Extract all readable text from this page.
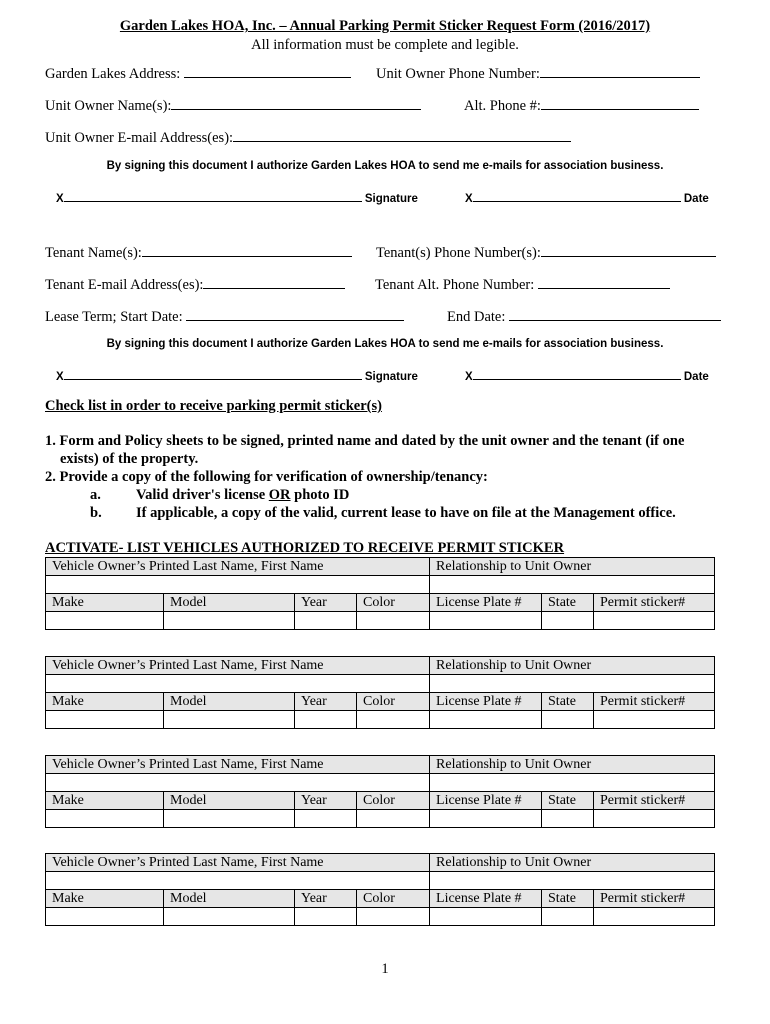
Garden Lakes HOA, Inc. – Annual Parking Permit Sticker Request Form (2016/2017)
All information must be complete and legible.
Garden Lakes Address:	Unit Owner Phone Number:
Unit Owner Name(s):	Alt. Phone #:
Unit Owner E-mail Address(es):
By signing this document I authorize Garden Lakes HOA to send me e-mails for association business.
X	Signature	X	Date
Tenant Name(s):	Tenant(s) Phone Number(s):
Tenant E-mail Address(es):	Tenant Alt. Phone Number:
Lease Term; Start Date:	End Date:
By signing this document I authorize Garden Lakes HOA to send me e-mails for association business.
X	Signature	X	Date
Check list in order to receive parking permit sticker(s)
1. Form and Policy sheets to be signed, printed name and dated by the unit owner and the tenant (if one
exists) of the property.
2. Provide a copy of the following for verification of ownership/tenancy:
a. Valid driver's license OR photo ID
b. If applicable, a copy of the valid, current lease to have on file at the Management office.
ACTIVATE- LIST VEHICLES AUTHORIZED TO RECEIVE PERMIT STICKER
Vehicle Owner’s Printed Last Name, First Name				Relationship to Unit Owner		

Make	Model	Year	Color	License Plate #	State	Permit sticker#

Vehicle Owner’s Printed Last Name, First Name				Relationship to Unit Owner		

Make	Model	Year	Color	License Plate #	State	Permit sticker#

Vehicle Owner’s Printed Last Name, First Name				Relationship to Unit Owner		

Make	Model	Year	Color	License Plate #	State	Permit sticker#

Vehicle Owner’s Printed Last Name, First Name				Relationship to Unit Owner		

Make	Model	Year	Color	License Plate #	State	Permit sticker#

1
